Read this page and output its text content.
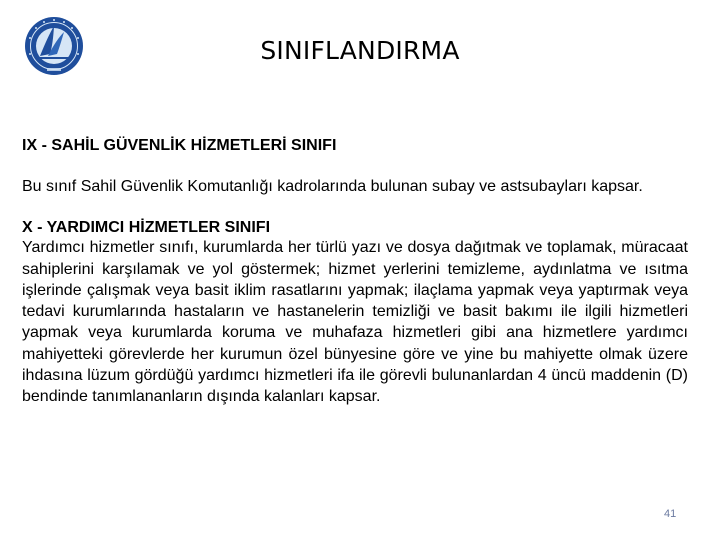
SINIFLANDIRMA

IX - SAHİL GÜVENLİK HİZMETLERİ SINIFI

Bu sınıf Sahil Güvenlik Komutanlığı kadrolarında bulunan subay ve astsubayları kapsar.

X - YARDIMCI HİZMETLER SINIFI

Yardımcı hizmetler sınıfı, kurumlarda her türlü yazı ve dosya dağıtmak ve toplamak, müracaat sahiplerini karşılamak ve yol göstermek; hizmet yerlerini temizleme, aydınlatma ve ısıtma işlerinde çalışmak veya basit iklim rasatlarını yapmak; ilaçlama yapmak veya yaptırmak veya tedavi kurumlarında hastaların ve hastanelerin temizliği ve basit bakımı ile ilgili hizmetleri yapmak veya kurumlarda koruma ve muhafaza hizmetleri gibi ana hizmetlere yardımcı mahiyetteki görevlerde her kurumun özel bünyesine göre ve yine bu mahiyette olmak üzere ihdasına lüzum gördüğü yardımcı hizmetleri ifa ile görevli bulunanlardan 4 üncü maddenin (D) bendinde tanımlananların dışında kalanları kapsar.

41
